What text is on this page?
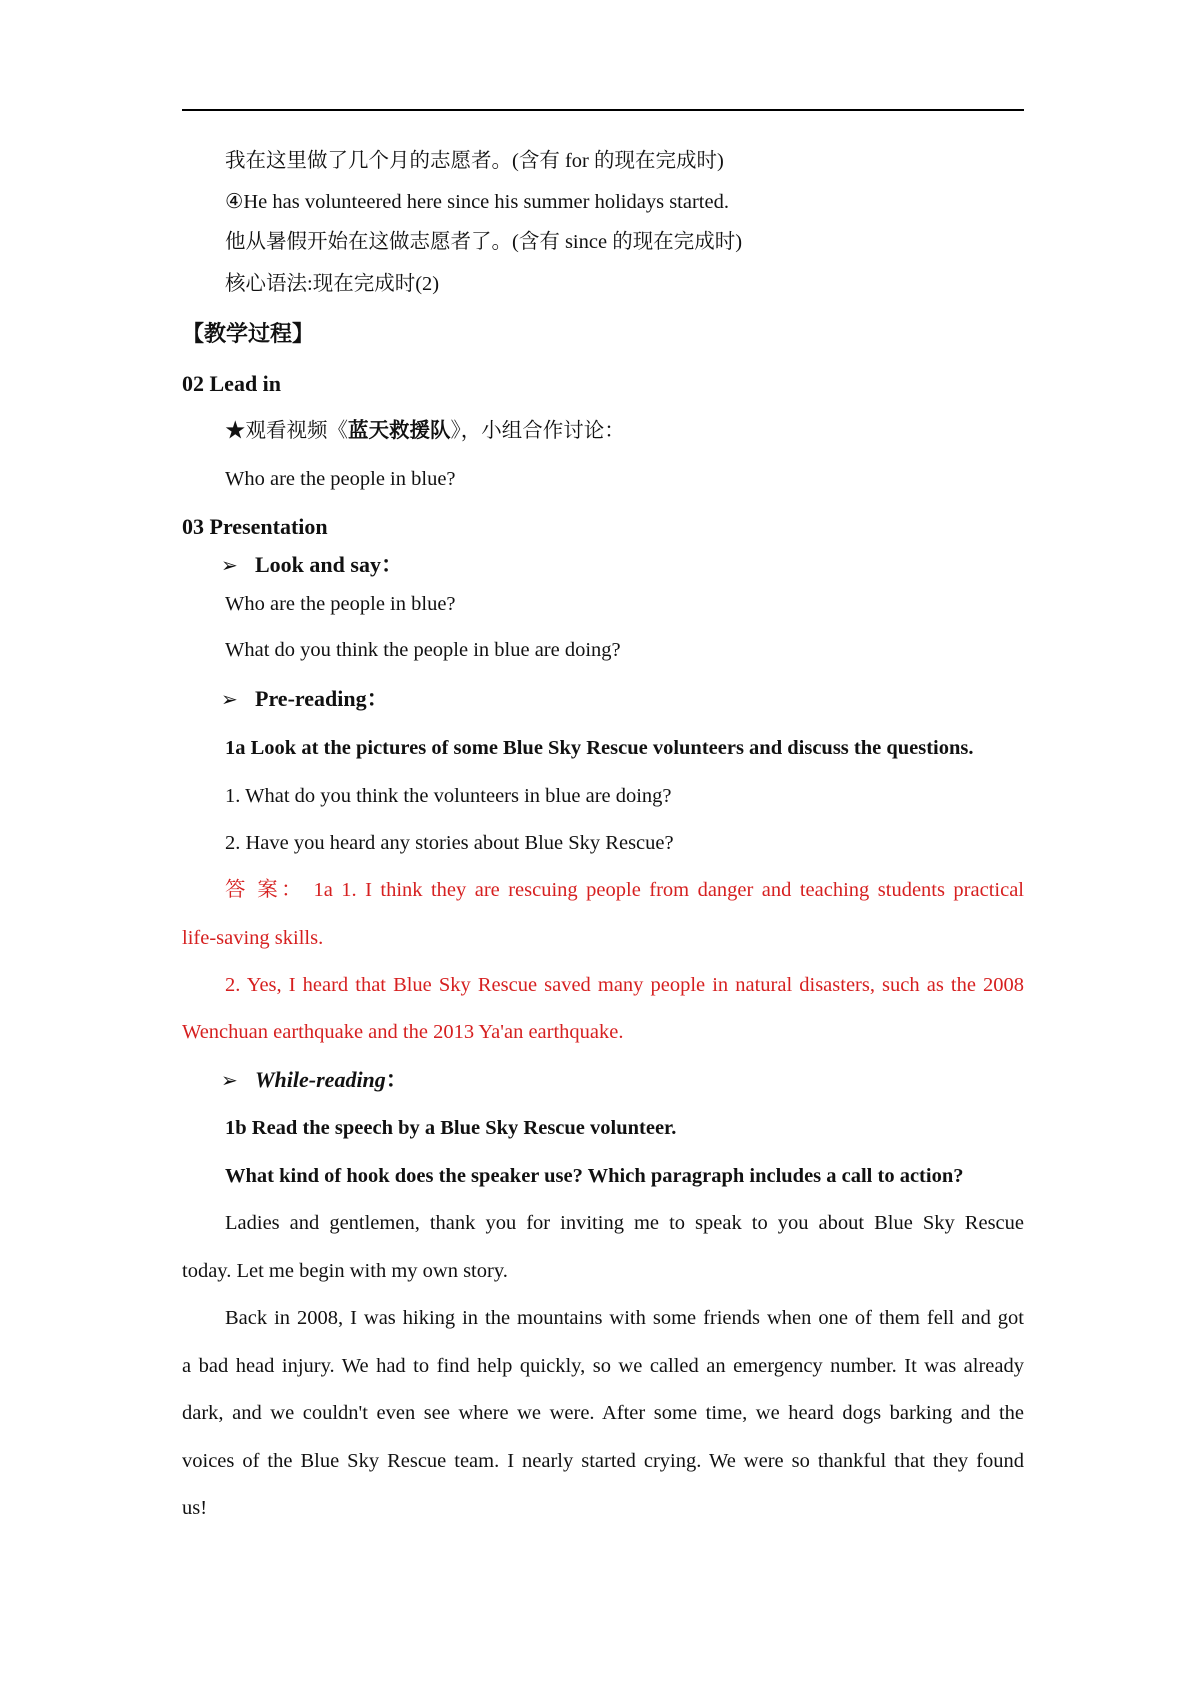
我在这里做了几个月的志愿者。(含有 for 的现在完成时)
④He has volunteered here since his summer holidays started.
他从暑假开始在这做志愿者了。(含有 since 的现在完成时)
核心语法:现在完成时(2)
【教学过程】
02 Lead in
★观看视频《蓝天救援队》，小组合作讨论：
Who are the people in blue?
03 Presentation
➢ Look and say：
Who are the people in blue?
What do you think the people in blue are doing?
➢ Pre-reading：
1a Look at the pictures of some Blue Sky Rescue volunteers and discuss the questions.
1. What do you think the volunteers in blue are doing?
2. Have you heard any stories about Blue Sky Rescue?
答 案： 1a 1. I think they are rescuing people from danger and teaching students practical
life-saving skills.
2. Yes, I heard that Blue Sky Rescue saved many people in natural disasters, such as the 2008
Wenchuan earthquake and the 2013 Ya'an earthquake.
➢ While-reading：
1b Read the speech by a Blue Sky Rescue volunteer.
What kind of hook does the speaker use? Which paragraph includes a call to action?
Ladies and gentlemen, thank you for inviting me to speak to you about Blue Sky Rescue
today. Let me begin with my own story.
Back in 2008, I was hiking in the mountains with some friends when one of them fell and got
a bad head injury. We had to find help quickly, so we called an emergency number. It was already
dark, and we couldn't even see where we were. After some time, we heard dogs barking and the
voices of the Blue Sky Rescue team. I nearly started crying. We were so thankful that they found
us!
